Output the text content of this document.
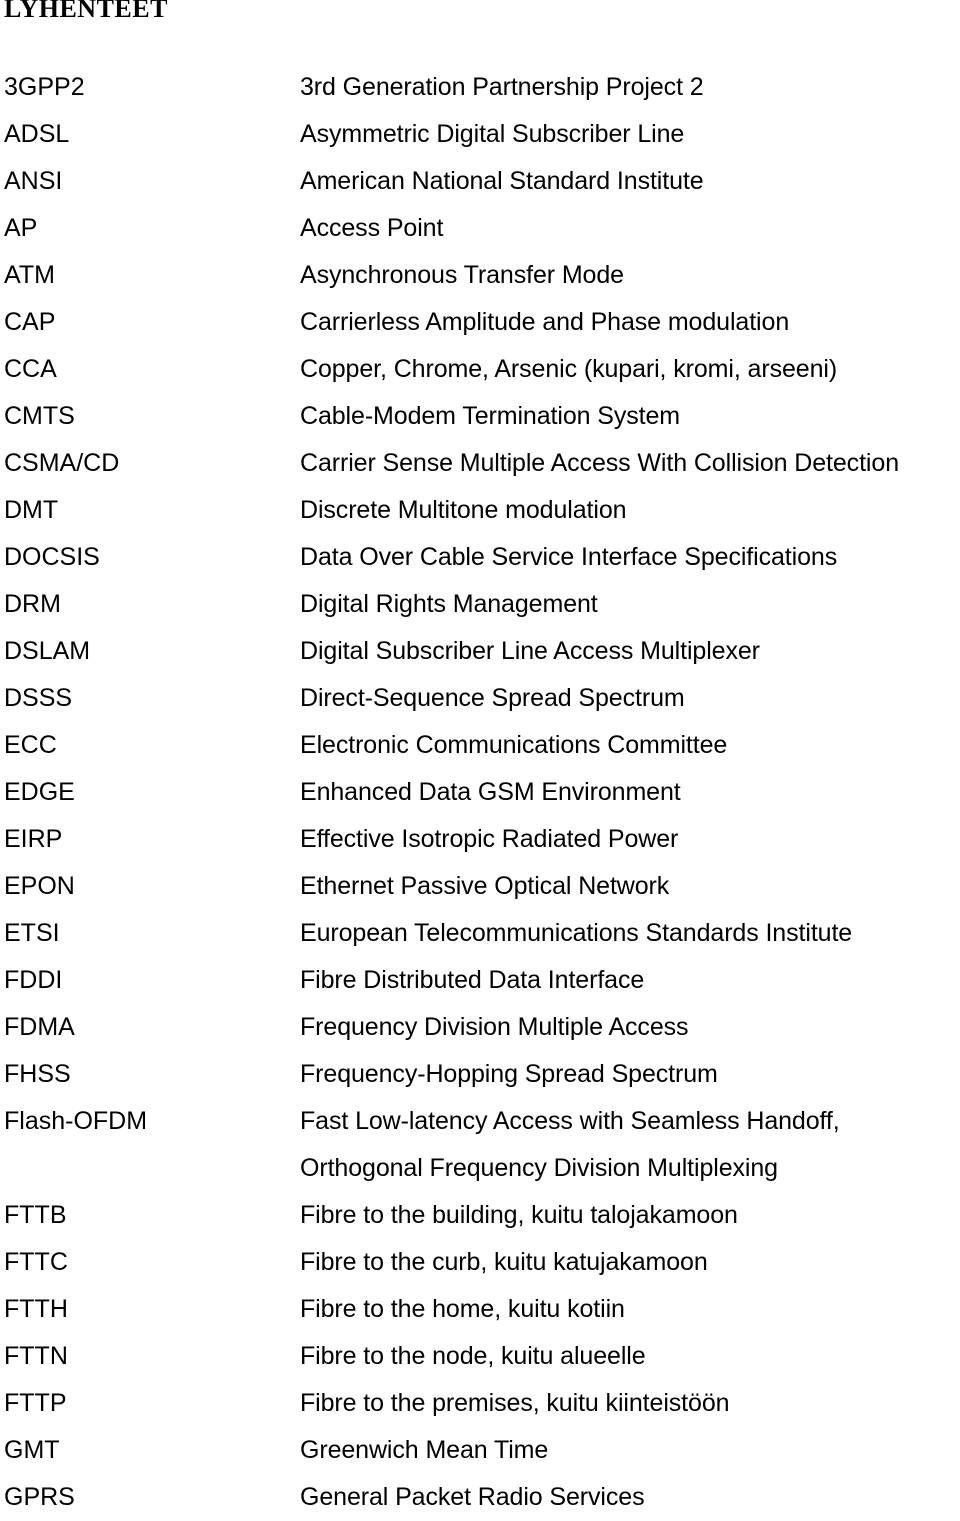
LYHENTEET
3GPP2	3rd Generation Partnership Project 2
ADSL	Asymmetric Digital Subscriber Line
ANSI	American National Standard Institute
AP	Access Point
ATM	Asynchronous Transfer Mode
CAP	Carrierless Amplitude and Phase modulation
CCA	Copper, Chrome, Arsenic (kupari, kromi, arseeni)
CMTS	Cable-Modem Termination System
CSMA/CD	Carrier Sense Multiple Access With Collision Detection
DMT	Discrete Multitone modulation
DOCSIS	Data Over Cable Service Interface Specifications
DRM	Digital Rights Management
DSLAM	Digital Subscriber Line Access Multiplexer
DSSS	Direct-Sequence Spread Spectrum
ECC	Electronic Communications Committee
EDGE	Enhanced Data GSM Environment
EIRP	Effective Isotropic Radiated Power
EPON	Ethernet Passive Optical Network
ETSI	European Telecommunications Standards Institute
FDDI	Fibre Distributed Data Interface
FDMA	Frequency Division Multiple Access
FHSS	Frequency-Hopping Spread Spectrum
Flash-OFDM	Fast Low-latency Access with Seamless Handoff,
Orthogonal Frequency Division Multiplexing
FTTB	Fibre to the building, kuitu talojakamoon
FTTC	Fibre to the curb, kuitu katujakamoon
FTTH	Fibre to the home, kuitu kotiin
FTTN	Fibre to the node, kuitu alueelle
FTTP	Fibre to the premises, kuitu kiinteistöön
GMT	Greenwich Mean Time
GPRS	General Packet Radio Services
